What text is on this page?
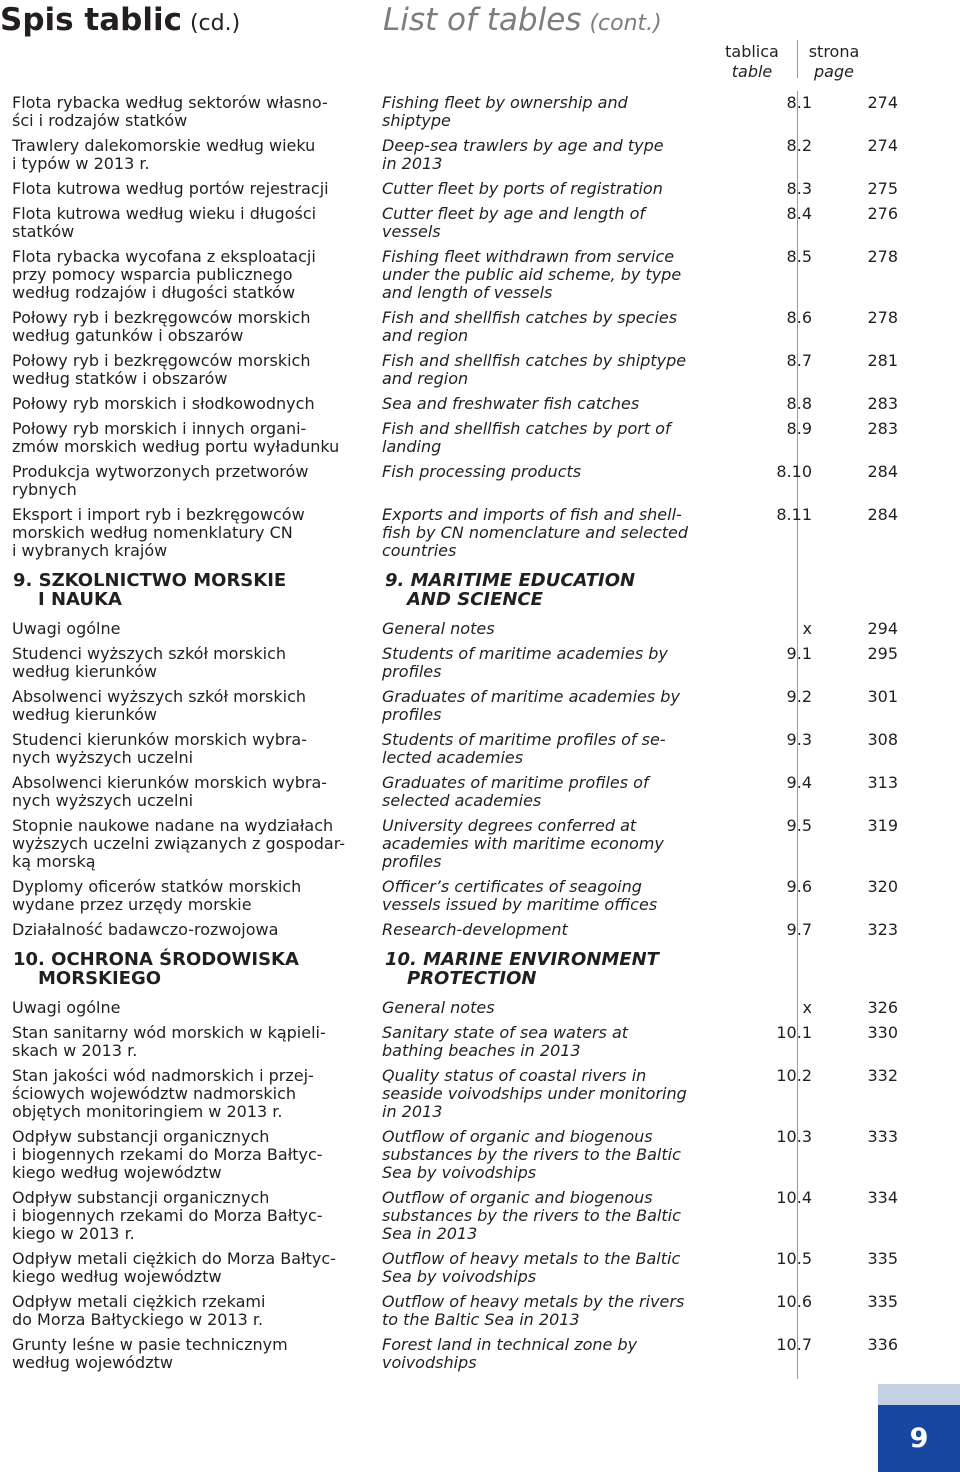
Spis tablic (cd.)	List of tables (cont.)
tablica
table
strona
page
Flota rybacka według sektorów własno-
ści i rodzajów statków	Fishing fleet by ownership and
shiptype	8.1	274

Trawlery dalekomorskie według wieku
i typów w 2013 r.	Deep-sea trawlers by age and type
in 2013	8.2	274

Flota kutrowa według portów rejestracji	Cutter fleet by ports of registration	8.3	275

Flota kutrowa według wieku i długości
statków	Cutter fleet by age and length of
vessels	8.4	276

Flota rybacka wycofana z eksploatacji
przy pomocy wsparcia publicznego
według rodzajów i długości statków	Fishing fleet withdrawn from service
under the public aid scheme, by type
and length of vessels	8.5	278

Połowy ryb i bezkręgowców morskich
według gatunków i obszarów	Fish and shellfish catches by species
and region	8.6	278

Połowy ryb i bezkręgowców morskich
według statków i obszarów	Fish and shellfish catches by shiptype
and region	8.7	281

Połowy ryb morskich i słodkowodnych	Sea and freshwater fish catches	8.8	283

Połowy ryb morskich i innych organi-
zmów morskich według portu wyładunku	Fish and shellfish catches by port of
landing	8.9	283

Produkcja wytworzonych przetworów
rybnych	Fish processing products	8.10	284

Eksport i import ryb i bezkręgowców
morskich według nomenklatury CN
i wybranych krajów	Exports and imports of fish and shell-
fish by CN nomenclature and selected
countries	8.11	284

9. SZKOLNICTWO MORSKIE
I NAUKA	9. MARITIME EDUCATION
AND SCIENCE		

Uwagi ogólne	General notes	x	294

Studenci wyższych szkół morskich
według kierunków	Students of maritime academies by
profiles	9.1	295

Absolwenci wyższych szkół morskich
według kierunków	Graduates of maritime academies by
profiles	9.2	301

Studenci kierunków morskich wybra-
nych wyższych uczelni	Students of maritime profiles of se-
lected academies	9.3	308

Absolwenci kierunków morskich wybra-
nych wyższych uczelni	Graduates of maritime profiles of
selected academies	9.4	313

Stopnie naukowe nadane na wydziałach
wyższych uczelni związanych z gospodar-
ką morską	University degrees conferred at
academies with maritime economy
profiles	9.5	319

Dyplomy oficerów statków morskich
wydane przez urzędy morskie	Officer’s certificates of seagoing
vessels issued by maritime offices	9.6	320

Działalność badawczo-rozwojowa	Research-development	9.7	323

10. OCHRONA ŚRODOWISKA
MORSKIEGO	10. MARINE ENVIRONMENT
PROTECTION		

Uwagi ogólne	General notes	x	326

Stan sanitarny wód morskich w kąpieli-
skach w 2013 r.	Sanitary state of sea waters at
bathing beaches in 2013	10.1	330

Stan jakości wód nadmorskich i przej-
ściowych województw nadmorskich
objętych monitoringiem w 2013 r.	Quality status of coastal rivers in
seaside voivodships under monitoring
in 2013	10.2	332

Odpływ substancji organicznych
i biogennych rzekami do Morza Bałtyc-
kiego według województw	Outflow of organic and biogenous
substances by the rivers to the Baltic
Sea by voivodships	10.3	333

Odpływ substancji organicznych
i biogennych rzekami do Morza Bałtyc-
kiego w 2013 r.	Outflow of organic and biogenous
substances by the rivers to the Baltic
Sea in 2013	10.4	334

Odpływ metali ciężkich do Morza Bałtyc-
kiego według województw	Outflow of heavy metals to the Baltic
Sea by voivodships	10.5	335

Odpływ metali ciężkich rzekami
do Morza Bałtyckiego w 2013 r.	Outflow of heavy metals by the rivers
to the Baltic Sea in 2013	10.6	335

Grunty leśne w pasie technicznym
według województw	Forest land in technical zone by
voivodships	10.7	336
9
